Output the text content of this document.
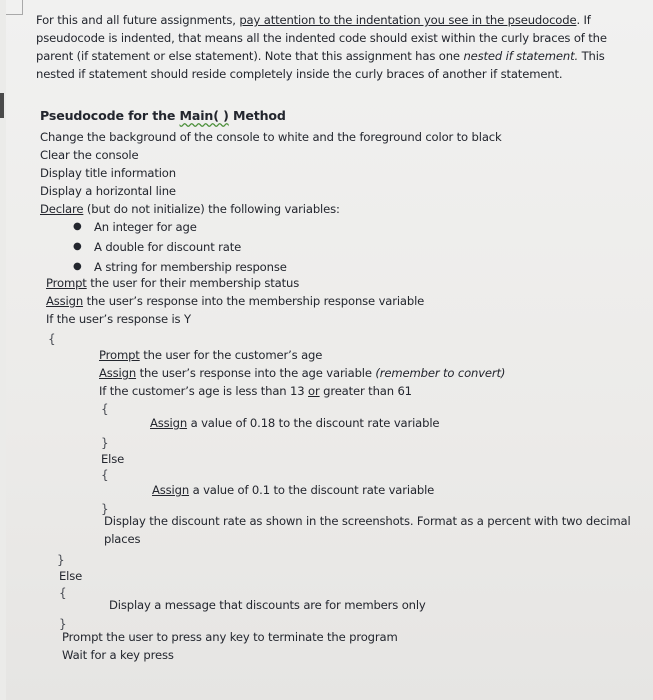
For this and all future assignments, pay attention to the indentation you see in the pseudocode. If
pseudocode is indented, that means all the indented code should exist within the curly braces of the
parent (if statement or else statement). Note that this assignment has one nested if statement. This
nested if statement should reside completely inside the curly braces of another if statement.
Pseudocode for the Main( ) Method
Change the background of the console to white and the foreground color to black
Clear the console
Display title information
Display a horizontal line
Declare (but do not initialize) the following variables:
● An integer for age
● A double for discount rate
● A string for membership response
Prompt the user for their membership status
Assign the user’s response into the membership response variable
If the user’s response is Y
{
Prompt the user for the customer’s age
Assign the user’s response into the age variable (remember to convert)
If the customer’s age is less than 13 or greater than 61
{
Assign a value of 0.18 to the discount rate variable
}
Else
{
Assign a value of 0.1 to the discount rate variable
}
Display the discount rate as shown in the screenshots. Format as a percent with two decimal
places
}
Else
{
Display a message that discounts are for members only
}
Prompt the user to press any key to terminate the program
Wait for a key press
